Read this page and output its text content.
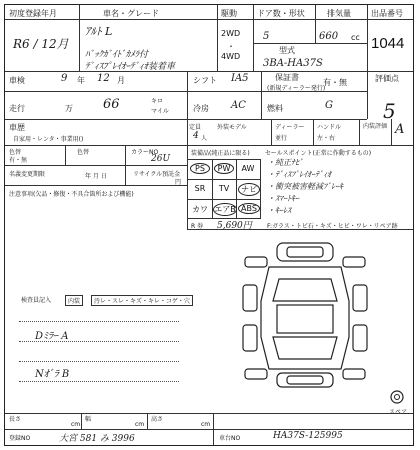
初度登録年月
R6 / 12月
車名・グレード
ｱﾙﾄ L
ﾊﾞｯｸｶﾞｲﾄﾞｶﾒﾗ付
ﾃﾞｨｽﾌﾟﾚｲｵｰﾃﾞｨｵ装着車
駆動
2WD
・
4WD
ドア数・形状
5
型式
3BA-HA37S
排気量
660 cc
出品番号
1044
車検	9 年 12 月	シフト IA5	保証書
(新規ディーラー発行)
有・無	評価点
5
走行	万 66	キロ
マイル	冷房 AC	燃料	G
車歴
自家用・レンタ・事業用()
定員
4 人
外装モデル	ディーラー
並行
ハンドル
左・右
内装評価 A
色替
有・無
色替	カラーNO
26U
名義変更期限	年 月 日	リサイクル預託金
円
注意事項(欠品・修復・不具合箇所および機能)
装備品(純正品に限る)
PS	PW	AW
SR	TV	ナビ
カワ エアB ABS
R 券 5,690円
セールスポイント(正常に作動するもの)
・純正ﾅﾋﾞ
・ﾃﾞｨｽﾌﾟﾚｲｵｰﾃﾞｨｵ
・衝突被害軽減ﾌﾞﾚｰｷ
・ｽﾏｰﾄｷｰ
・ｷｰﾚｽ
F:ガラス・トビ石・キズ・ヒビ・ワレ・リペア跡
スペア
検査員記入	内装	汚レ・スレ・キズ・キレ・コゲ・穴
Dﾐﾗｰ A
Nｵﾞﾗ B
長さ
cm
幅
cm
高さ
cm
登録NO	大宮 581 み 3996	車台NO	HA37S-125995
